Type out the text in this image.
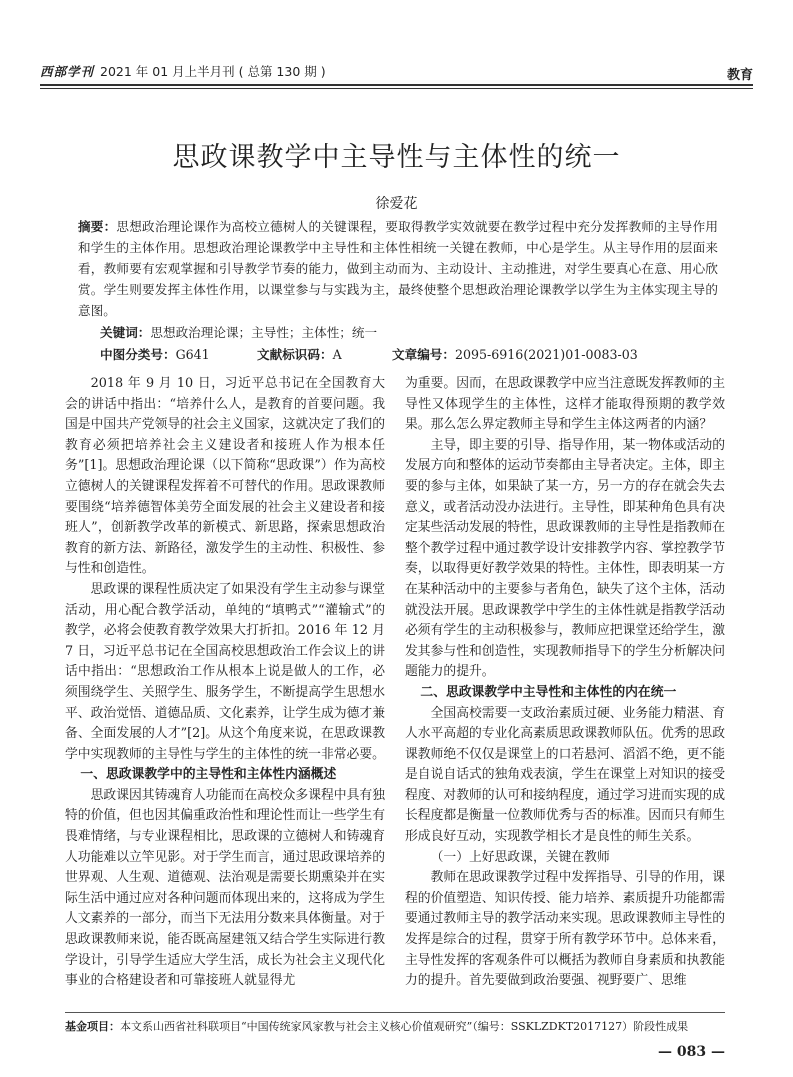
西部学刊 2021 年 01 月上半月刊 ( 总第 130 期 )	教育
思政课教学中主导性与主体性的统一
徐爱花
摘要：思想政治理论课作为高校立德树人的关键课程，要取得教学实效就要在教学过程中充分发挥教师的主导作用和学生的主体作用。思想政治理论课教学中主导性和主体性相统一关键在教师，中心是学生。从主导作用的层面来看，教师要有宏观掌握和引导教学节奏的能力，做到主动而为、主动设计、主动推进，对学生要真心在意、用心欣赏。学生则要发挥主体性作用，以课堂参与与实践为主，最终使整个思想政治理论课教学以学生为主体实现主导的意图。
关键词：思想政治理论课；主导性；主体性；统一
中图分类号：G641	文献标识码：A	文章编号：2095-6916(2021)01-0083-03

2018 年 9 月 10 日，习近平总书记在全国教育大会的讲话中指出：“培养什么人，是教育的首要问题。我国是中国共产党领导的社会主义国家，这就决定了我们的教育必须把培养社会主义建设者和接班人作为根本任务”[1]。思想政治理论课（以下简称“思政课”）作为高校立德树人的关键课程发挥着不可替代的作用。思政课教师要围绕“培养德智体美劳全面发展的社会主义建设者和接班人”，创新教学改革的新模式、新思路，探索思想政治教育的新方法、新路径，激发学生的主动性、积极性、参与性和创造性。

思政课的课程性质决定了如果没有学生主动参与课堂活动，用心配合教学活动，单纯的“填鸭式”“灌输式”的教学，必将会使教育教学效果大打折扣。2016 年 12 月 7 日，习近平总书记在全国高校思想政治工作会议上的讲话中指出：“思想政治工作从根本上说是做人的工作，必须围绕学生、关照学生、服务学生，不断提高学生思想水平、政治觉悟、道德品质、文化素养，让学生成为德才兼备、全面发展的人才”[2]。从这个角度来说，在思政课教学中实现教师的主导性与学生的主体性的统一非常必要。

一、思政课教学中的主导性和主体性内涵概述

思政课因其铸魂育人功能而在高校众多课程中具有独特的价值，但也因其偏重政治性和理论性而让一些学生有畏难情绪，与专业课程相比，思政课的立德树人和铸魂育人功能难以立竿见影。对于学生而言，通过思政课培养的世界观、人生观、道德观、法治观是需要长期熏染并在实际生活中通过应对各种问题而体现出来的，这将成为学生人文素养的一部分，而当下无法用分数来具体衡量。对于思政课教师来说，能否既高屋建瓴又结合学生实际进行教学设计，引导学生适应大学生活，成长为社会主义现代化事业的合格建设者和可靠接班人就显得尤

为重要。因而，在思政课教学中应当注意既发挥教师的主导性又体现学生的主体性，这样才能取得预期的教学效果。那么怎么界定教师主导和学生主体这两者的内涵？

主导，即主要的引导、指导作用，某一物体或活动的发展方向和整体的运动节奏都由主导者决定。主体，即主要的参与主体，如果缺了某一方，另一方的存在就会失去意义，或者活动没办法进行。主导性，即某种角色具有决定某些活动发展的特性，思政课教师的主导性是指教师在整个教学过程中通过教学设计安排教学内容、掌控教学节奏，以取得更好教学效果的特性。主体性，即表明某一方在某种活动中的主要参与者角色，缺失了这个主体，活动就没法开展。思政课教学中学生的主体性就是指教学活动必须有学生的主动积极参与，教师应把课堂还给学生，激发其参与性和创造性，实现教师指导下的学生分析解决问题能力的提升。

二、思政课教学中主导性和主体性的内在统一

全国高校需要一支政治素质过硬、业务能力精湛、育人水平高超的专业化高素质思政课教师队伍。优秀的思政课教师绝不仅仅是课堂上的口若悬河、滔滔不绝，更不能是自说自话式的独角戏表演，学生在课堂上对知识的接受程度、对教师的认可和接纳程度，通过学习进而实现的成长程度都是衡量一位教师优秀与否的标准。因而只有师生形成良好互动，实现教学相长才是良性的师生关系。

（一）上好思政课，关键在教师

教师在思政课教学过程中发挥指导、引导的作用，课程的价值塑造、知识传授、能力培养、素质提升功能都需要通过教师主导的教学活动来实现。思政课教师主导性的发挥是综合的过程，贯穿于所有教学环节中。总体来看，主导性发挥的客观条件可以概括为教师自身素质和执教能力的提升。首先要做到政治要强、视野要广、思维

基金项目：本文系山西省社科联项目“中国传统家风家教与社会主义核心价值观研究”（编号：SSKLZDKT2017127）阶段性成果
— 083 —
